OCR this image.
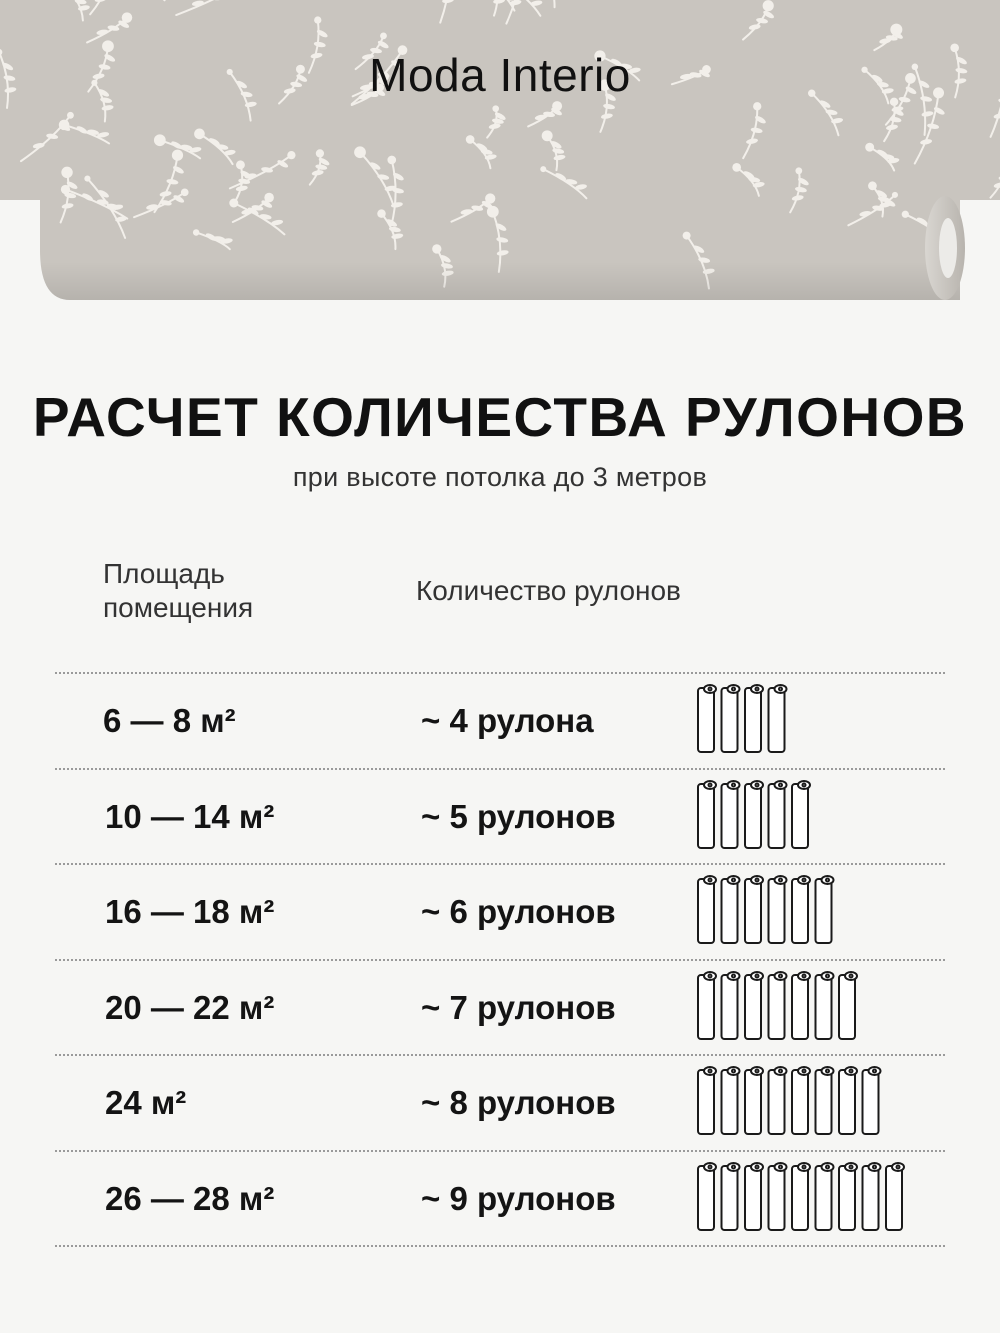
Moda Interio
РАСЧЕТ КОЛИЧЕСТВА РУЛОНОВ
при высоте потолка до 3 метров
Площадь помещения
Количество рулонов
6 — 8 м²	~ 4 рулона
10 — 14 м²	~ 5 рулонов
16 — 18 м²	~ 6 рулонов
20 — 22 м²	~ 7 рулонов
24 м²	~ 8 рулонов
26 — 28 м²	~ 9 рулонов
